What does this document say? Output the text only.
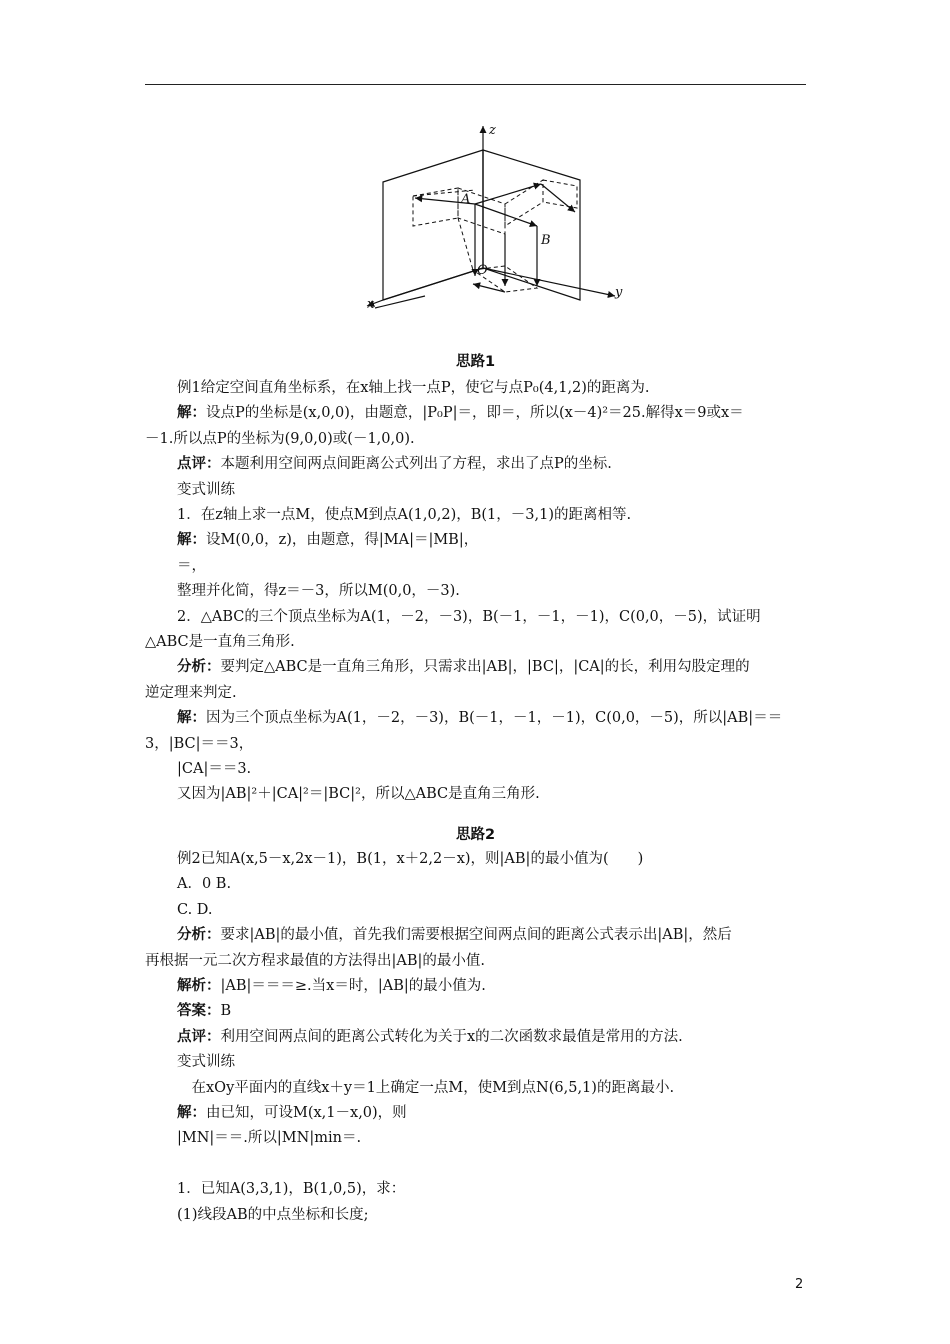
z
y
x
A
B
O
思路1
例1给定空间直角坐标系，在x轴上找一点P，使它与点P₀(4,1,2)的距离为.
解：设点P的坐标是(x,0,0)，由题意，|P₀P|＝，即＝，所以(x－4)²＝25.解得x＝9或x＝
－1.所以点P的坐标为(9,0,0)或(－1,0,0).
点评：本题利用空间两点间距离公式列出了方程，求出了点P的坐标.
变式训练
1．在z轴上求一点M，使点M到点A(1,0,2)，B(1，－3,1)的距离相等.
解：设M(0,0，z)，由题意，得|MA|＝|MB|，
＝，
整理并化简，得z＝－3，所以M(0,0，－3).
2．△ABC的三个顶点坐标为A(1，－2，－3)，B(－1，－1，－1)，C(0,0，－5)，试证明
△ABC是一直角三角形.
分析：要判定△ABC是一直角三角形，只需求出|AB|，|BC|，|CA|的长，利用勾股定理的
逆定理来判定.
解：因为三个顶点坐标为A(1，－2，－3)，B(－1，－1，－1)，C(0,0，－5)，所以|AB|＝＝
3，|BC|＝＝3，
|CA|＝＝3.
又因为|AB|²＋|CA|²＝|BC|²，所以△ABC是直角三角形.
思路2
例2已知A(x,5－x,2x－1)，B(1，x＋2,2－x)，则|AB|的最小值为(　　)
A．0 B.
C. D.
分析：要求|AB|的最小值，首先我们需要根据空间两点间的距离公式表示出|AB|，然后
再根据一元二次方程求最值的方法得出|AB|的最小值.
解析：|AB|＝＝＝≥.当x＝时，|AB|的最小值为.
答案：B
点评：利用空间两点间的距离公式转化为关于x的二次函数求最值是常用的方法.
变式训练
　在xOy平面内的直线x＋y＝1上确定一点M，使M到点N(6,5,1)的距离最小.
解：由已知，可设M(x,1－x,0)，则
|MN|＝＝.所以|MN|min＝.
1．已知A(3,3,1)，B(1,0,5)，求：
(1)线段AB的中点坐标和长度;
2
